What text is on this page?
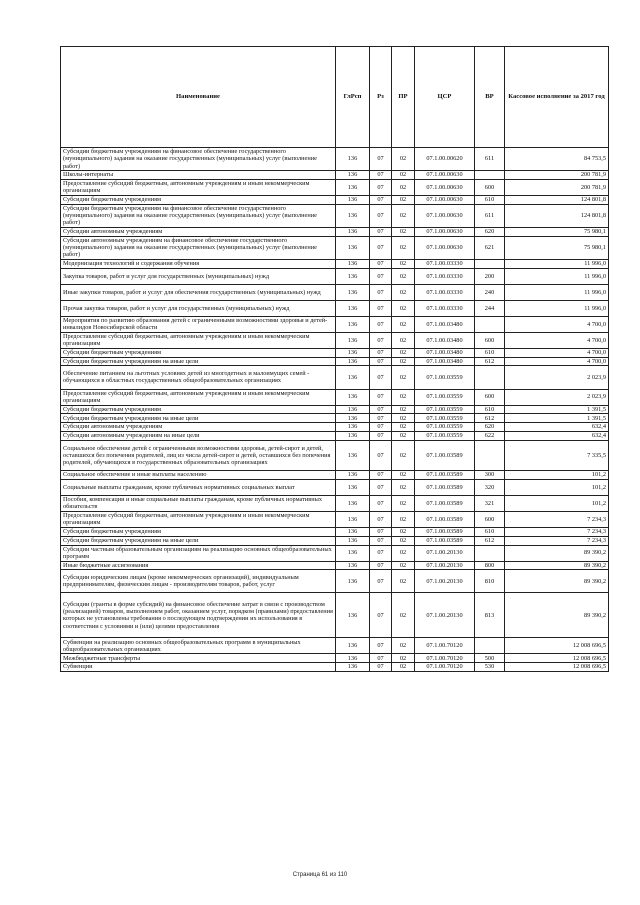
Наименование	ГлРсп	Рз	ПР	ЦСР	ВР	Кассовое исполнение за 2017 год
Субсидии бюджетным учреждениям на финансовое обеспечение государственного (муниципального) задания на оказание государственных (муниципальных) услуг (выполнение работ)	136	07	02	07.1.00.00620	611	84 753,5
Школы-интернаты	136	07	02	07.1.00.00630		200 781,9
Предоставление субсидий бюджетным, автономным учреждениям и иным некоммерческим организациям	136	07	02	07.1.00.00630	600	200 781,9
Субсидии бюджетным учреждениям	136	07	02	07.1.00.00630	610	124 801,8
Субсидии бюджетным учреждениям на финансовое обеспечение государственного (муниципального) задания на оказание государственных (муниципальных) услуг (выполнение работ)	136	07	02	07.1.00.00630	611	124 801,8
Субсидии автономным учреждениям	136	07	02	07.1.00.00630	620	75 980,1
Субсидии автономным учреждениям на финансовое обеспечение государственного (муниципального) задания на оказание государственных (муниципальных) услуг (выполнение работ)	136	07	02	07.1.00.00630	621	75 980,1
Модернизация технологий и содержания обучения	136	07	02	07.1.00.03330		11 996,0
Закупка товаров, работ и услуг для государственных (муниципальных) нужд	136	07	02	07.1.00.03330	200	11 996,0
Иные закупки товаров, работ и услуг для обеспечения государственных (муниципальных) нужд	136	07	02	07.1.00.03330	240	11 996,0
Прочая закупка товаров, работ и услуг для государственных (муниципальных) нужд	136	07	02	07.1.00.03330	244	11 996,0
Мероприятия по развитию образования детей с ограниченными возможностями здоровья и детей-инвалидов Новосибирской области	136	07	02	07.1.00.03480		4 700,0
Предоставление субсидий бюджетным, автономным учреждениям и иным некоммерческим организациям	136	07	02	07.1.00.03480	600	4 700,0
Субсидии бюджетным учреждениям	136	07	02	07.1.00.03480	610	4 700,0
Субсидии бюджетным учреждениям на иные цели	136	07	02	07.1.00.03480	612	4 700,0
Обеспечение питанием на льготных условиях детей из многодетных и малоимущих семей - обучающихся в областных государственных общеобразовательных организациях	136	07	02	07.1.00.03559		2 023,9
Предоставление субсидий бюджетным, автономным учреждениям и иным некоммерческим организациям	136	07	02	07.1.00.03559	600	2 023,9
Субсидии бюджетным учреждениям	136	07	02	07.1.00.03559	610	1 391,5
Субсидии бюджетным учреждениям на иные цели	136	07	02	07.1.00.03559	612	1 391,5
Субсидии автономным учреждениям	136	07	02	07.1.00.03559	620	632,4
Субсидии автономным учреждениям на иные цели	136	07	02	07.1.00.03559	622	632,4
Социальное обеспечение детей с ограниченными возможностями здоровья, детей-сирот и детей, оставшихся без попечения родителей, лиц из числа детей-сирот и детей, оставшихся без попечения родителей, обучающихся в государственных образовательных организациях	136	07	02	07.1.00.03589		7 335,5
Социальное обеспечение и иные выплаты населению	136	07	02	07.1.00.03589	300	101,2
Социальные выплаты гражданам, кроме публичных нормативных социальных выплат	136	07	02	07.1.00.03589	320	101,2
Пособия, компенсации и иные социальные выплаты гражданам, кроме публичных нормативных обязательств	136	07	02	07.1.00.03589	321	101,2
Предоставление субсидий бюджетным, автономным учреждениям и иным некоммерческим организациям	136	07	02	07.1.00.03589	600	7 234,3
Субсидии бюджетным учреждениям	136	07	02	07.1.00.03589	610	7 234,3
Субсидии бюджетным учреждениям на иные цели	136	07	02	07.1.00.03589	612	7 234,3
Субсидии частным образовательным организациям на реализацию основных общеобразовательных программ	136	07	02	07.1.00.20130		89 390,2
Иные бюджетные ассигнования	136	07	02	07.1.00.20130	800	89 390,2
Субсидии юридическим лицам (кроме некоммерческих организаций), индивидуальным предпринимателям, физическим лицам - производителям товаров, работ, услуг	136	07	02	07.1.00.20130	810	89 390,2
Субсидии (гранты в форме субсидий) на финансовое обеспечение затрат в связи с производством (реализацией) товаров, выполнением работ, оказанием услуг, порядком (правилами) предоставления которых не установлены требования о последующем подтверждении их использования в соответствии с условиями и (или) целями предоставления	136	07	02	07.1.00.20130	813	89 390,2
Субвенции на реализацию основных общеобразовательных программ в муниципальных общеобразовательных организациях	136	07	02	07.1.00.70120		12 008 696,5
Межбюджетные трансферты	136	07	02	07.1.00.70120	500	12 008 696,5
Субвенции	136	07	02	07.1.00.70120	530	12 008 696,5
Страница 61 из 110
